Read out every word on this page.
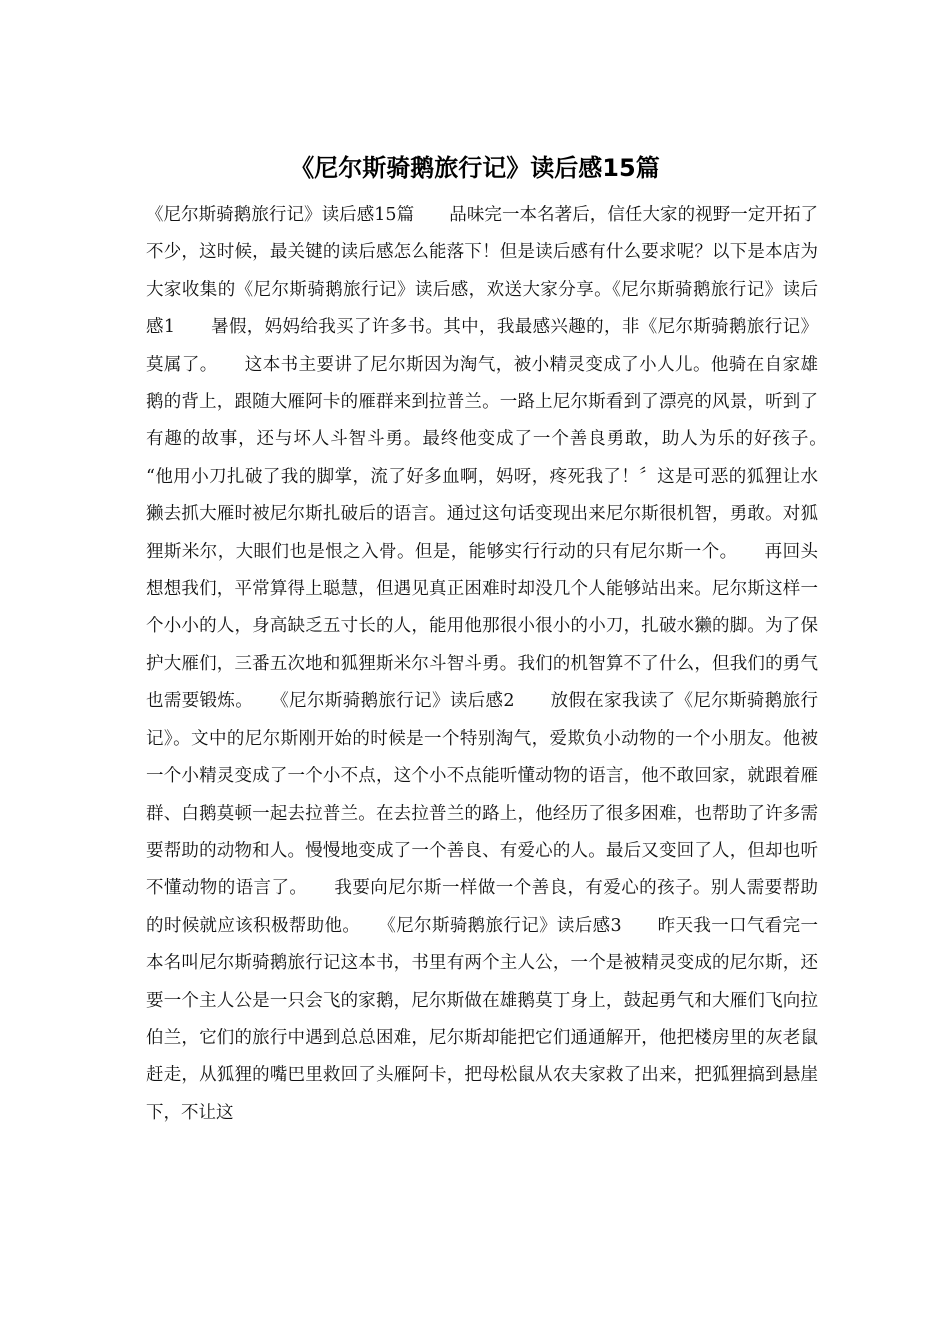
《尼尔斯骑鹅旅行记》读后感15篇

《尼尔斯骑鹅旅行记》读后感15篇　　品味完一本名著后，信任大家的视野一定开拓了不少，这时候，最关键的读后感怎么能落下！但是读后感有什么要求呢？以下是本店为大家收集的《尼尔斯骑鹅旅行记》读后感，欢送大家分享。《尼尔斯骑鹅旅行记》读后感1　　暑假，妈妈给我买了许多书。其中，我最感兴趣的，非《尼尔斯骑鹅旅行记》莫属了。　　这本书主要讲了尼尔斯因为淘气，被小精灵变成了小人儿。他骑在自家雄鹅的背上，跟随大雁阿卡的雁群来到拉普兰。一路上尼尔斯看到了漂亮的风景，听到了有趣的故事，还与坏人斗智斗勇。最终他变成了一个善良勇敢，助人为乐的好孩子。　　“他用小刀扎破了我的脚掌，流了好多血啊，妈呀，疼死我了！〞这是可恶的狐狸让水獭去抓大雁时被尼尔斯扎破后的语言。通过这句话变现出来尼尔斯很机智，勇敢。对狐狸斯米尔，大眼们也是恨之入骨。但是，能够实行行动的只有尼尔斯一个。　　再回头想想我们，平常算得上聪慧，但遇见真正困难时却没几个人能够站出来。尼尔斯这样一个小小的人，身高缺乏五寸长的人，能用他那很小很小的小刀，扎破水獭的脚。为了保护大雁们，三番五次地和狐狸斯米尔斗智斗勇。我们的机智算不了什么，但我们的勇气也需要锻炼。　　《尼尔斯骑鹅旅行记》读后感2　　放假在家我读了《尼尔斯骑鹅旅行记》。文中的尼尔斯刚开始的时候是一个特别淘气，爱欺负小动物的一个小朋友。他被一个小精灵变成了一个小不点，这个小不点能听懂动物的语言，他不敢回家，就跟着雁群、白鹅莫顿一起去拉普兰。在去拉普兰的路上，他经历了很多困难，也帮助了许多需要帮助的动物和人。慢慢地变成了一个善良、有爱心的人。最后又变回了人，但却也听不懂动物的语言了。　　我要向尼尔斯一样做一个善良，有爱心的孩子。别人需要帮助的时候就应该积极帮助他。　　《尼尔斯骑鹅旅行记》读后感3　　昨天我一口气看完一本名叫尼尔斯骑鹅旅行记这本书，书里有两个主人公，一个是被精灵变成的尼尔斯，还要一个主人公是一只会飞的家鹅，尼尔斯做在雄鹅莫丁身上，鼓起勇气和大雁们飞向拉伯兰，它们的旅行中遇到总总困难，尼尔斯却能把它们通通解开，他把楼房里的灰老鼠赶走，从狐狸的嘴巴里救回了头雁阿卡，把母松鼠从农夫家救了出来，把狐狸搞到悬崖下，不让这
